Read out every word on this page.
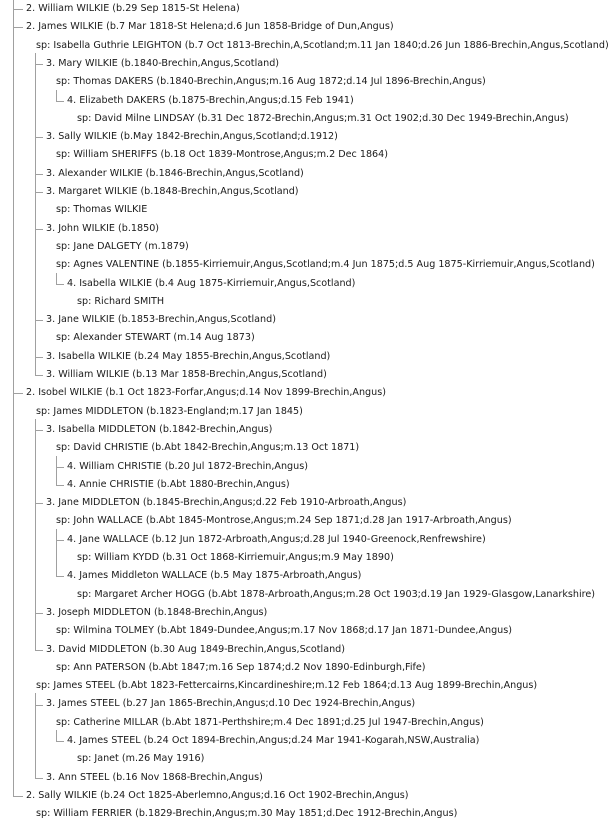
2. William WILKIE (b.29 Sep 1815-St Helena)
2. James WILKIE (b.7 Mar 1818-St Helena;d.6 Jun 1858-Bridge of Dun,Angus)
sp: Isabella Guthrie LEIGHTON (b.7 Oct 1813-Brechin,A,Scotland;m.11 Jan 1840;d.26 Jun 1886-Brechin,Angus,Scotland)
3. Mary WILKIE (b.1840-Brechin,Angus,Scotland)
sp: Thomas DAKERS (b.1840-Brechin,Angus;m.16 Aug 1872;d.14 Jul 1896-Brechin,Angus)
4. Elizabeth DAKERS (b.1875-Brechin,Angus;d.15 Feb 1941)
sp: David Milne LINDSAY (b.31 Dec 1872-Brechin,Angus;m.31 Oct 1902;d.30 Dec 1949-Brechin,Angus)
3. Sally WILKIE (b.May 1842-Brechin,Angus,Scotland;d.1912)
sp: William SHERIFFS (b.18 Oct 1839-Montrose,Angus;m.2 Dec 1864)
3. Alexander WILKIE (b.1846-Brechin,Angus,Scotland)
3. Margaret WILKIE (b.1848-Brechin,Angus,Scotland)
sp: Thomas WILKIE
3. John WILKIE (b.1850)
sp: Jane DALGETY (m.1879)
sp: Agnes VALENTINE (b.1855-Kirriemuir,Angus,Scotland;m.4 Jun 1875;d.5 Aug 1875-Kirriemuir,Angus,Scotland)
4. Isabella WILKIE (b.4 Aug 1875-Kirriemuir,Angus,Scotland)
sp: Richard SMITH
3. Jane WILKIE (b.1853-Brechin,Angus,Scotland)
sp: Alexander STEWART (m.14 Aug 1873)
3. Isabella WILKIE (b.24 May 1855-Brechin,Angus,Scotland)
3. William WILKIE (b.13 Mar 1858-Brechin,Angus,Scotland)
2. Isobel WILKIE (b.1 Oct 1823-Forfar,Angus;d.14 Nov 1899-Brechin,Angus)
sp: James MIDDLETON (b.1823-England;m.17 Jan 1845)
3. Isabella MIDDLETON (b.1842-Brechin,Angus)
sp: David CHRISTIE (b.Abt 1842-Brechin,Angus;m.13 Oct 1871)
4. William CHRISTIE (b.20 Jul 1872-Brechin,Angus)
4. Annie CHRISTIE (b.Abt 1880-Brechin,Angus)
3. Jane MIDDLETON (b.1845-Brechin,Angus;d.22 Feb 1910-Arbroath,Angus)
sp: John WALLACE (b.Abt 1845-Montrose,Angus;m.24 Sep 1871;d.28 Jan 1917-Arbroath,Angus)
4. Jane WALLACE (b.12 Jun 1872-Arbroath,Angus;d.28 Jul 1940-Greenock,Renfrewshire)
sp: William KYDD (b.31 Oct 1868-Kirriemuir,Angus;m.9 May 1890)
4. James Middleton WALLACE (b.5 May 1875-Arbroath,Angus)
sp: Margaret Archer HOGG (b.Abt 1878-Arbroath,Angus;m.28 Oct 1903;d.19 Jan 1929-Glasgow,Lanarkshire)
3. Joseph MIDDLETON (b.1848-Brechin,Angus)
sp: Wilmina TOLMEY (b.Abt 1849-Dundee,Angus;m.17 Nov 1868;d.17 Jan 1871-Dundee,Angus)
3. David MIDDLETON (b.30 Aug 1849-Brechin,Angus,Scotland)
sp: Ann PATERSON (b.Abt 1847;m.16 Sep 1874;d.2 Nov 1890-Edinburgh,Fife)
sp: James STEEL (b.Abt 1823-Fettercairns,Kincardineshire;m.12 Feb 1864;d.13 Aug 1899-Brechin,Angus)
3. James STEEL (b.27 Jan 1865-Brechin,Angus;d.10 Dec 1924-Brechin,Angus)
sp: Catherine MILLAR (b.Abt 1871-Perthshire;m.4 Dec 1891;d.25 Jul 1947-Brechin,Angus)
4. James STEEL (b.24 Oct 1894-Brechin,Angus;d.24 Mar 1941-Kogarah,NSW,Australia)
sp: Janet (m.26 May 1916)
3. Ann STEEL (b.16 Nov 1868-Brechin,Angus)
2. Sally WILKIE (b.24 Oct 1825-Aberlemno,Angus;d.16 Oct 1902-Brechin,Angus)
sp: William FERRIER (b.1829-Brechin,Angus;m.30 May 1851;d.Dec 1912-Brechin,Angus)
